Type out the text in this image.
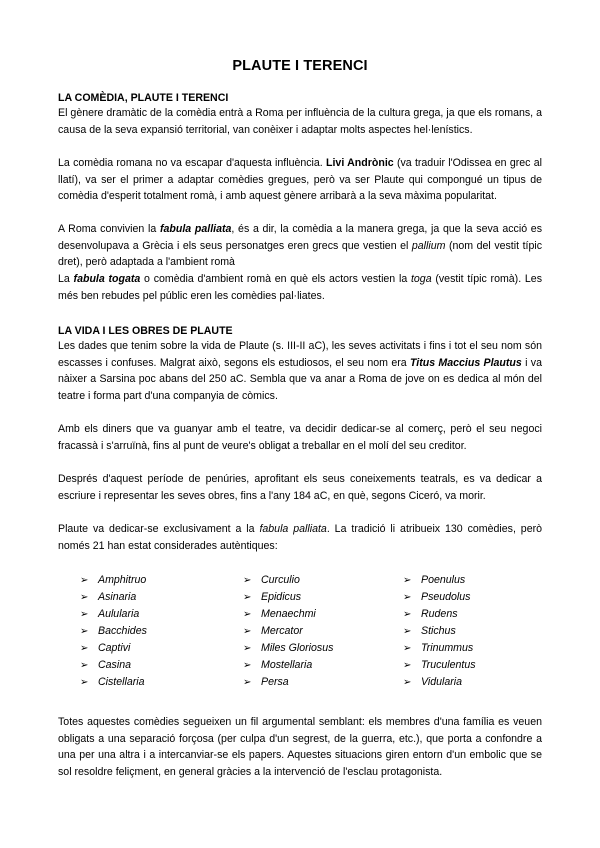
PLAUTE I TERENCI
LA COMÈDIA, PLAUTE I TERENCI
El gènere dramàtic de la comèdia entrà a Roma per influència de la cultura grega, ja que els romans, a causa de la seva expansió territorial, van conèixer i adaptar molts aspectes hel·lenístics.
La comèdia romana no va escapar d'aquesta influència. Livi Andrònic (va traduir l'Odissea en grec al llatí), va ser el primer a adaptar comèdies gregues, però va ser Plaute qui compongué un tipus de comèdia d'esperit totalment romà, i amb aquest gènere arribarà a la seva màxima popularitat.
A Roma convivien la fabula palliata, és a dir, la comèdia a la manera grega, ja que la seva acció es desenvolupava a Grècia i els seus personatges eren grecs que vestien el pallium (nom del vestit típic dret), però adaptada a l'ambient romà
La fabula togata o comèdia d'ambient romà en què els actors vestien la toga (vestit típic romà). Les més ben rebudes pel públic eren les comèdies pal·liates.
LA VIDA I LES OBRES DE PLAUTE
Les dades que tenim sobre la vida de Plaute (s. III-II aC), les seves activitats i fins i tot el seu nom són escasses i confuses. Malgrat això, segons els estudiosos, el seu nom era Titus Maccius Plautus i va nàixer a Sarsina poc abans del 250 aC. Sembla que va anar a Roma de jove on es dedica al món del teatre i forma part d'una companyia de còmics.
Amb els diners que va guanyar amb el teatre, va decidir dedicar-se al comerç, però el seu negoci fracassà i s'arruïnà, fins al punt de veure's obligat a treballar en el molí del seu creditor.
Després d'aquest període de penúries, aprofitant els seus coneixements teatrals, es va dedicar a escriure i representar les seves obres, fins a l'any 184 aC, en què, segons Ciceró, va morir.
Plaute va dedicar-se exclusivament a la fabula palliata. La tradició li atribueix 130 comèdies, però només 21 han estat considerades autèntiques:
➢ Amphitruo
➢ Asinaria
➢ Aulularia
➢ Bacchides
➢ Captivi
➢ Casina
➢ Cistellaria
➢ Curculio
➢ Epidicus
➢ Menaechmi
➢ Mercator
➢ Miles Gloriosus
➢ Mostellaria
➢ Persa
➢ Poenulus
➢ Pseudolus
➢ Rudens
➢ Stichus
➢ Trinummus
➢ Truculentus
➢ Vidularia
Totes aquestes comèdies segueixen un fil argumental semblant: els membres d'una família es veuen obligats a una separació forçosa (per culpa d'un segrest, de la guerra, etc.), que porta a confondre a una per una altra i a intercanviar-se els papers. Aquestes situacions giren entorn d'un embolic que se sol resoldre feliçment, en general gràcies a la intervenció de l'esclau protagonista.
